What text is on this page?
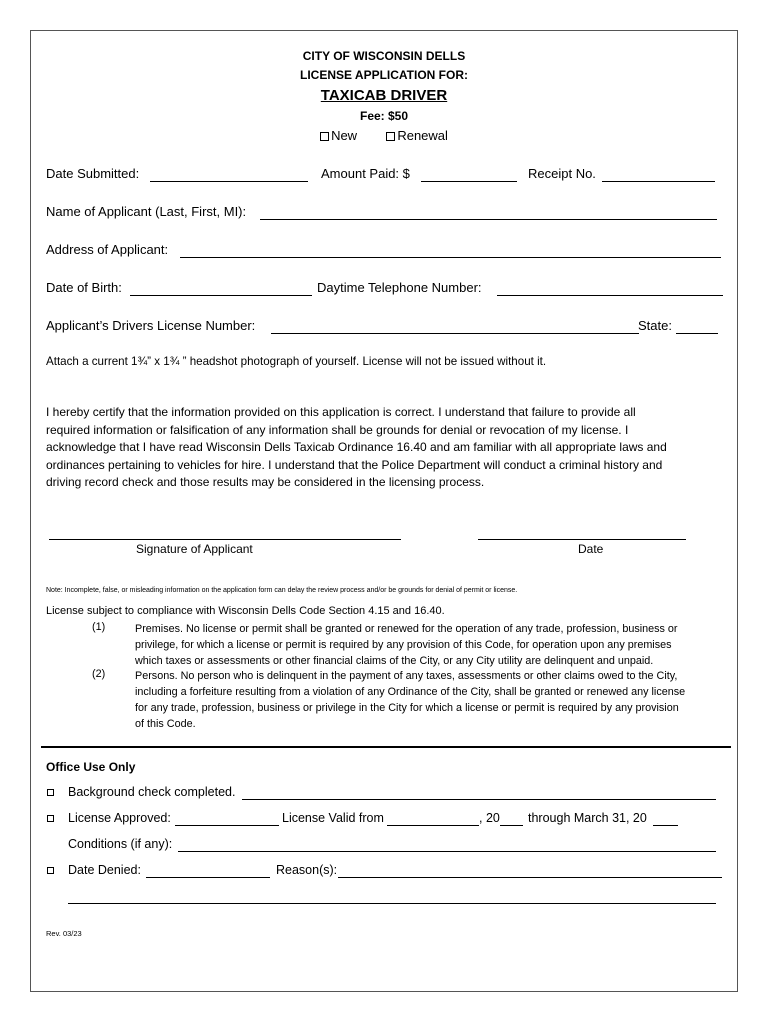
CITY OF WISCONSIN DELLS
LICENSE APPLICATION FOR:
TAXICAB DRIVER
Fee: $50
New	Renewal
Date Submitted:	Amount Paid: $	Receipt No.
Name of Applicant (Last, First, MI):
Address of Applicant:
Date of Birth:	Daytime Telephone Number:
Applicant’s Drivers License Number:	State:
Attach a current 1¾” x 1¾ ” headshot photograph of yourself. License will not be issued without it.
I hereby certify that the information provided on this application is correct. I understand that failure to provide all
required information or falsification of any information shall be grounds for denial or revocation of my license. I
acknowledge that I have read Wisconsin Dells Taxicab Ordinance 16.40 and am familiar with all appropriate laws and
ordinances pertaining to vehicles for hire. I understand that the Police Department will conduct a criminal history and
driving record check and those results may be considered in the licensing process.
Signature of Applicant	Date
Note: Incomplete, false, or misleading information on the application form can delay the review process and/or be grounds for denial of permit or license.
License subject to compliance with Wisconsin Dells Code Section 4.15 and 16.40.
(1)	Premises. No license or permit shall be granted or renewed for the operation of any trade, profession, business or
privilege, for which a license or permit is required by any provision of this Code, for operation upon any premises
which taxes or assessments or other financial claims of the City, or any City utility are delinquent and unpaid.
(2)	Persons. No person who is delinquent in the payment of any taxes, assessments or other claims owed to the City,
including a forfeiture resulting from a violation of any Ordinance of the City, shall be granted or renewed any license
for any trade, profession, business or privilege in the City for which a license or permit is required by any provision
of this Code.
Office Use Only
Background check completed.
License Approved:	License Valid from	, 20 through March 31, 20
Conditions (if any):
Date Denied:	Reason(s):
Rev. 03/23
